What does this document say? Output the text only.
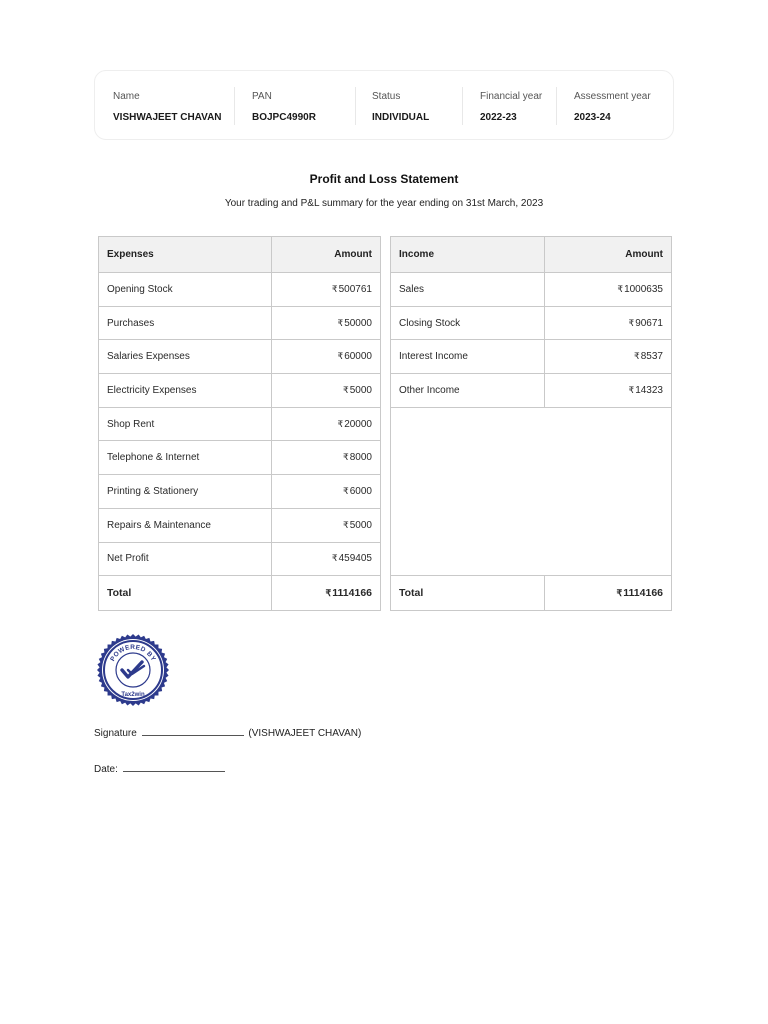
Name
VISHWAJEET CHAVAN
PAN
BOJPC4990R
Status
INDIVIDUAL
Financial year
2022-23
Assessment year
2023-24
Profit and Loss Statement
Your trading and P&L summary for the year ending on 31st March, 2023
Expenses	Amount
Opening Stock	₹500761
Purchases	₹50000
Salaries Expenses	₹60000
Electricity Expenses	₹5000
Shop Rent	₹20000
Telephone & Internet	₹8000
Printing & Stationery	₹6000
Repairs & Maintenance	₹5000
Net Profit	₹459405
Total	₹1114166
Income	Amount
Sales	₹1000635
Closing Stock	₹90671
Interest Income	₹8537
Other Income	₹14323

Total	₹1114166
POWERED BY
Tax2win
Signature	(VISHWAJEET CHAVAN)
Date:
